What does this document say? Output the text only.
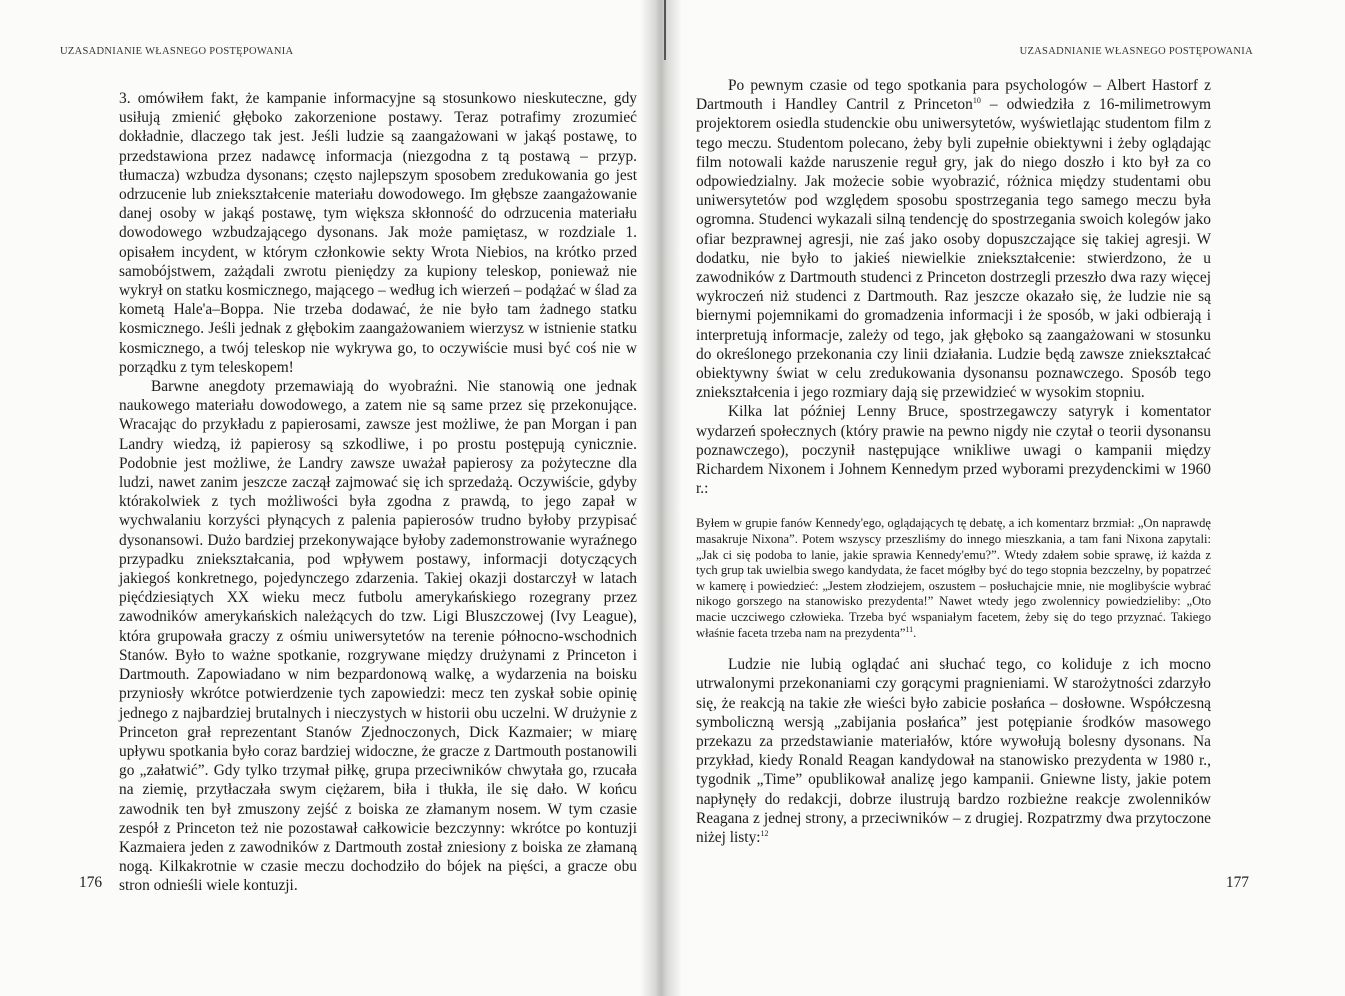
UZASADNIANIE WŁASNEGO POSTĘPOWANIA

3. omówiłem fakt, że kampanie informacyjne są stosunkowo nieskuteczne, gdy usiłują zmienić głęboko zakorzenione postawy. Teraz potrafimy zrozumieć dokładnie, dlaczego tak jest. Jeśli ludzie są zaangażowani w jakąś postawę, to przedstawiona przez nadawcę informacja (niezgodna z tą postawą – przyp. tłumacza) wzbudza dysonans; często najlepszym sposobem zredukowania go jest odrzucenie lub zniekształcenie materiału dowodowego. Im głębsze zaangażowanie danej osoby w jakąś postawę, tym większa skłonność do odrzucenia materiału dowodowego wzbudzającego dysonans. Jak może pamiętasz, w rozdziale 1. opisałem incydent, w którym członkowie sekty Wrota Niebios, na krótko przed samobójstwem, zażądali zwrotu pieniędzy za kupiony teleskop, ponieważ nie wykrył on statku kosmicznego, mającego – według ich wierzeń – podążać w ślad za kometą Hale'a–Boppa. Nie trzeba dodawać, że nie było tam żadnego statku kosmicznego. Jeśli jednak z głębokim zaangażowaniem wierzysz w istnienie statku kosmicznego, a twój teleskop nie wykrywa go, to oczywiście musi być coś nie w porządku z tym teleskopem!

Barwne anegdoty przemawiają do wyobraźni. Nie stanowią one jednak naukowego materiału dowodowego, a zatem nie są same przez się przekonujące. Wracając do przykładu z papierosami, zawsze jest możliwe, że pan Morgan i pan Landry wiedzą, iż papierosy są szkodliwe, i po prostu postępują cynicznie. Podobnie jest możliwe, że Landry zawsze uważał papierosy za pożyteczne dla ludzi, nawet zanim jeszcze zaczął zajmować się ich sprzedażą. Oczywiście, gdyby którakolwiek z tych możliwości była zgodna z prawdą, to jego zapał w wychwalaniu korzyści płynących z palenia papierosów trudno byłoby przypisać dysonansowi. Dużo bardziej przekonywające byłoby zademonstrowanie wyraźnego przypadku zniekształcania, pod wpływem postawy, informacji dotyczących jakiegoś konkretnego, pojedynczego zdarzenia. Takiej okazji dostarczył w latach pięćdziesiątych XX wieku mecz futbolu amerykańskiego rozegrany przez zawodników amerykańskich należących do tzw. Ligi Bluszczowej (Ivy League), która grupowała graczy z ośmiu uniwersytetów na terenie północno-wschodnich Stanów. Było to ważne spotkanie, rozgrywane między drużynami z Princeton i Dartmouth. Zapowiadano w nim bezpardonową walkę, a wydarzenia na boisku przyniosły wkrótce potwierdzenie tych zapowiedzi: mecz ten zyskał sobie opinię jednego z najbardziej brutalnych i nieczystych w historii obu uczelni. W drużynie z Princeton grał reprezentant Stanów Zjednoczonych, Dick Kazmaier; w miarę upływu spotkania było coraz bardziej widoczne, że gracze z Dartmouth postanowili go „załatwić”. Gdy tylko trzymał piłkę, grupa przeciwników chwytała go, rzucała na ziemię, przytłaczała swym ciężarem, biła i tłukła, ile się dało. W końcu zawodnik ten był zmuszony zejść z boiska ze złamanym nosem. W tym czasie zespół z Princeton też nie pozostawał całkowicie bezczynny: wkrótce po kontuzji Kazmaiera jeden z zawodników z Dartmouth został zniesiony z boiska ze złamaną nogą. Kilkakrotnie w czasie meczu dochodziło do bójek na pięści, a gracze obu stron odnieśli wiele kontuzji.

176
UZASADNIANIE WŁASNEGO POSTĘPOWANIA

Po pewnym czasie od tego spotkania para psychologów – Albert Hastorf z Dartmouth i Handley Cantril z Princeton$^{10}$ – odwiedziła z 16-milimetrowym projektorem osiedla studenckie obu uniwersytetów, wyświetlając studentom film z tego meczu. Studentom polecano, żeby byli zupełnie obiektywni i żeby oglądając film notowali każde naruszenie reguł gry, jak do niego doszło i kto był za co odpowiedzialny. Jak możecie sobie wyobrazić, różnica między studentami obu uniwersytetów pod względem sposobu spostrzegania tego samego meczu była ogromna. Studenci wykazali silną tendencję do spostrzegania swoich kolegów jako ofiar bezprawnej agresji, nie zaś jako osoby dopuszczające się takiej agresji. W dodatku, nie było to jakieś niewielkie zniekształcenie: stwierdzono, że u zawodników z Dartmouth studenci z Princeton dostrzegli przeszło dwa razy więcej wykroczeń niż studenci z Dartmouth. Raz jeszcze okazało się, że ludzie nie są biernymi pojemnikami do gromadzenia informacji i że sposób, w jaki odbierają i interpretują informacje, zależy od tego, jak głęboko są zaangażowani w stosunku do określonego przekonania czy linii działania. Ludzie będą zawsze zniekształcać obiektywny świat w celu zredukowania dysonansu poznawczego. Sposób tego zniekształcenia i jego rozmiary dają się przewidzieć w wysokim stopniu.

Kilka lat później Lenny Bruce, spostrzegawczy satyryk i komentator wydarzeń społecznych (który prawie na pewno nigdy nie czytał o teorii dysonansu poznawczego), poczynił następujące wnikliwe uwagi o kampanii między Richardem Nixonem i Johnem Kennedym przed wyborami prezydenckimi w 1960 r.:

Byłem w grupie fanów Kennedy'ego, oglądających tę debatę, a ich komentarz brzmiał: „On naprawdę masakruje Nixona”. Potem wszyscy przeszliśmy do innego mieszkania, a tam fani Nixona zapytali: „Jak ci się podoba to lanie, jakie sprawia Kennedy'emu?”. Wtedy zdałem sobie sprawę, iż każda z tych grup tak uwielbia swego kandydata, że facet mógłby być do tego stopnia bezczelny, by popatrzeć w kamerę i powiedzieć: „Jestem złodziejem, oszustem – posłuchajcie mnie, nie moglibyście wybrać nikogo gorszego na stanowisko prezydenta!” Nawet wtedy jego zwolennicy powiedzieliby: „Oto macie uczciwego człowieka. Trzeba być wspaniałym facetem, żeby się do tego przyznać. Takiego właśnie faceta trzeba nam na prezydenta”$^{11}$.

Ludzie nie lubią oglądać ani słuchać tego, co koliduje z ich mocno utrwalonymi przekonaniami czy gorącymi pragnieniami. W starożytności zdarzyło się, że reakcją na takie złe wieści było zabicie posłańca – dosłowne. Współczesną symboliczną wersją „zabijania posłańca” jest potępianie środków masowego przekazu za przedstawianie materiałów, które wywołują bolesny dysonans. Na przykład, kiedy Ronald Reagan kandydował na stanowisko prezydenta w 1980 r., tygodnik „Time” opublikował analizę jego kampanii. Gniewne listy, jakie potem napłynęły do redakcji, dobrze ilustrują bardzo rozbieżne reakcje zwolenników Reagana z jednej strony, a przeciwników – z drugiej. Rozpatrzmy dwa przytoczone niżej listy:$^{12}$

177
